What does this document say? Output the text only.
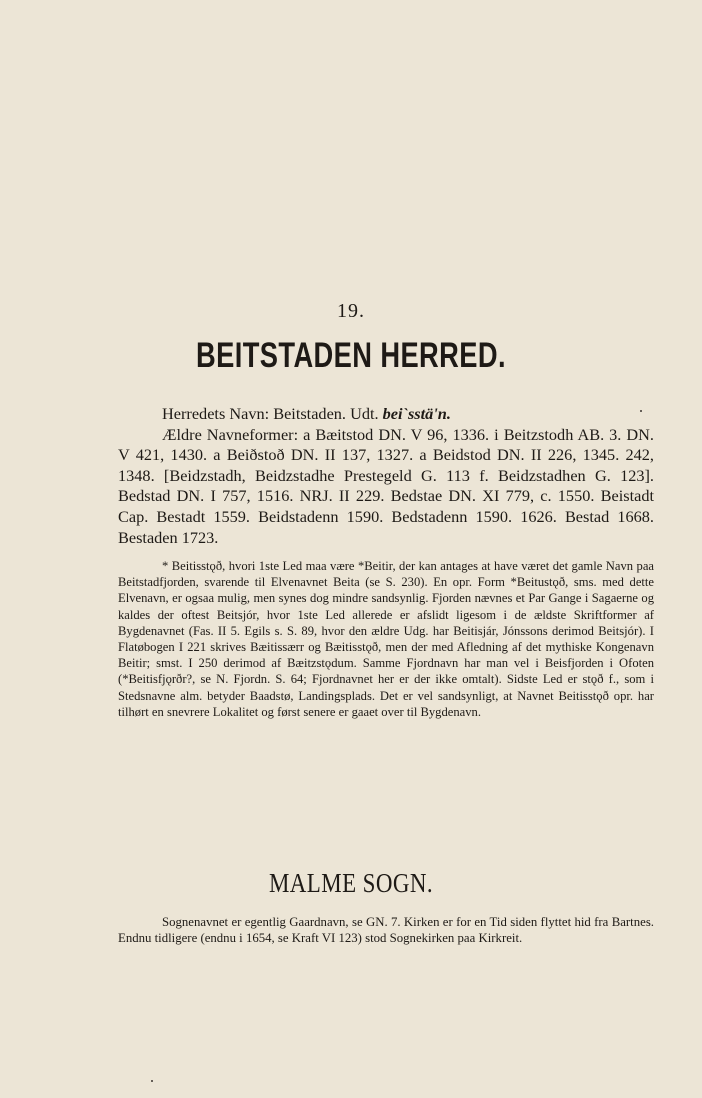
19.
BEITSTADEN HERRED.

Herredets Navn: Beitstaden. Udt. bei`sstä'n.

Ældre Navneformer: a Bæitstod DN. V 96, 1336. i Beitzstodh AB. 3. DN. V 421, 1430. a Beiðstoð DN. II 137, 1327. a Beidstod DN. II 226, 1345. 242, 1348. [Beidzstadh, Beidzstadhe Prestegeld G. 113 f. Beidzstadhen G. 123]. Bedstad DN. I 757, 1516. NRJ. II 229. Bedstae DN. XI 779, c. 1550. Beistadt Cap. Bestadt 1559. Beidstadenn 1590. Bedstadenn 1590. 1626. Bestad 1668. Bestaden 1723.

* Beitisstǫð, hvori 1ste Led maa være *Beitir, der kan antages at have været det gamle Navn paa Beitstadfjorden, svarende til Elvenavnet Beita (se S. 230). En opr. Form *Beitustǫð, sms. med dette Elvenavn, er ogsaa mulig, men synes dog mindre sandsynlig. Fjorden nævnes et Par Gange i Sagaerne og kaldes der oftest Beitsjór, hvor 1ste Led allerede er afslidt ligesom i de ældste Skriftformer af Bygdenavnet (Fas. II 5. Egils s. S. 89, hvor den ældre Udg. har Beitisjár, Jónssons derimod Beitsjór). I Flatøbogen I 221 skrives Bæitissærr og Bæitisstǫð, men der med Afledning af det mythiske Kongenavn Beitir; smst. I 250 derimod af Bæitzstǫdum. Samme Fjordnavn har man vel i Beisfjorden i Ofoten (*Beitisfjǫrðr?, se N. Fjordn. S. 64; Fjordnavnet her er der ikke omtalt). Sidste Led er stǫð f., som i Stedsnavne alm. betyder Baadstø, Landingsplads. Det er vel sandsynligt, at Navnet Beitisstǫð opr. har tilhørt en snevrere Lokalitet og først senere er gaaet over til Bygdenavn.

MALME SOGN.

Sognenavnet er egentlig Gaardnavn, se GN. 7. Kirken er for en Tid siden flyttet hid fra Bartnes. Endnu tidligere (endnu i 1654, se Kraft VI 123) stod Sognekirken paa Kirkreit.
